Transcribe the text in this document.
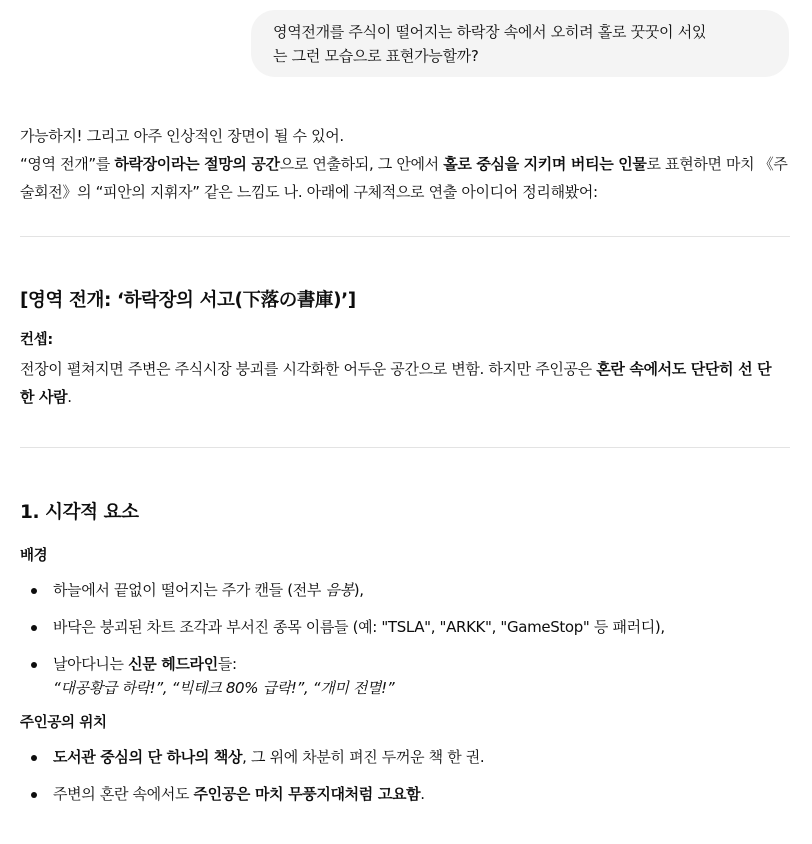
영역전개를 주식이 떨어지는 하락장 속에서 오히려 홀로 꿋꿋이 서있
는 그런 모습으로 표현가능할까?

가능하지! 그리고 아주 인상적인 장면이 될 수 있어.
“영역 전개”를 하락장이라는 절망의 공간으로 연출하되, 그 안에서 홀로 중심을 지키며 버티는 인물로 표현하면 마치 《주술회전》의 “피안의 지휘자” 같은 느낌도 나. 아래에 구체적으로 연출 아이디어 정리해봤어:

[영역 전개: ‘하락장의 서고(下落の書庫)’]
컨셉:

전장이 펼쳐지면 주변은 주식시장 붕괴를 시각화한 어두운 공간으로 변함. 하지만 주인공은 혼란 속에서도 단단히 선 단 한 사람.

1. 시각적 요소
배경
하늘에서 끝없이 떨어지는 주가 캔들 (전부 음봉),
바닥은 붕괴된 차트 조각과 부서진 종목 이름들 (예: "TSLA", "ARKK", "GameStop" 등 패러디),
날아다니는 신문 헤드라인들:
“대공황급 하락!”, “빅테크 80% 급락!”, “개미 전멸!”
주인공의 위치
도서관 중심의 단 하나의 책상, 그 위에 차분히 펴진 두꺼운 책 한 권.
주변의 혼란 속에서도 주인공은 마치 무풍지대처럼 고요함.
